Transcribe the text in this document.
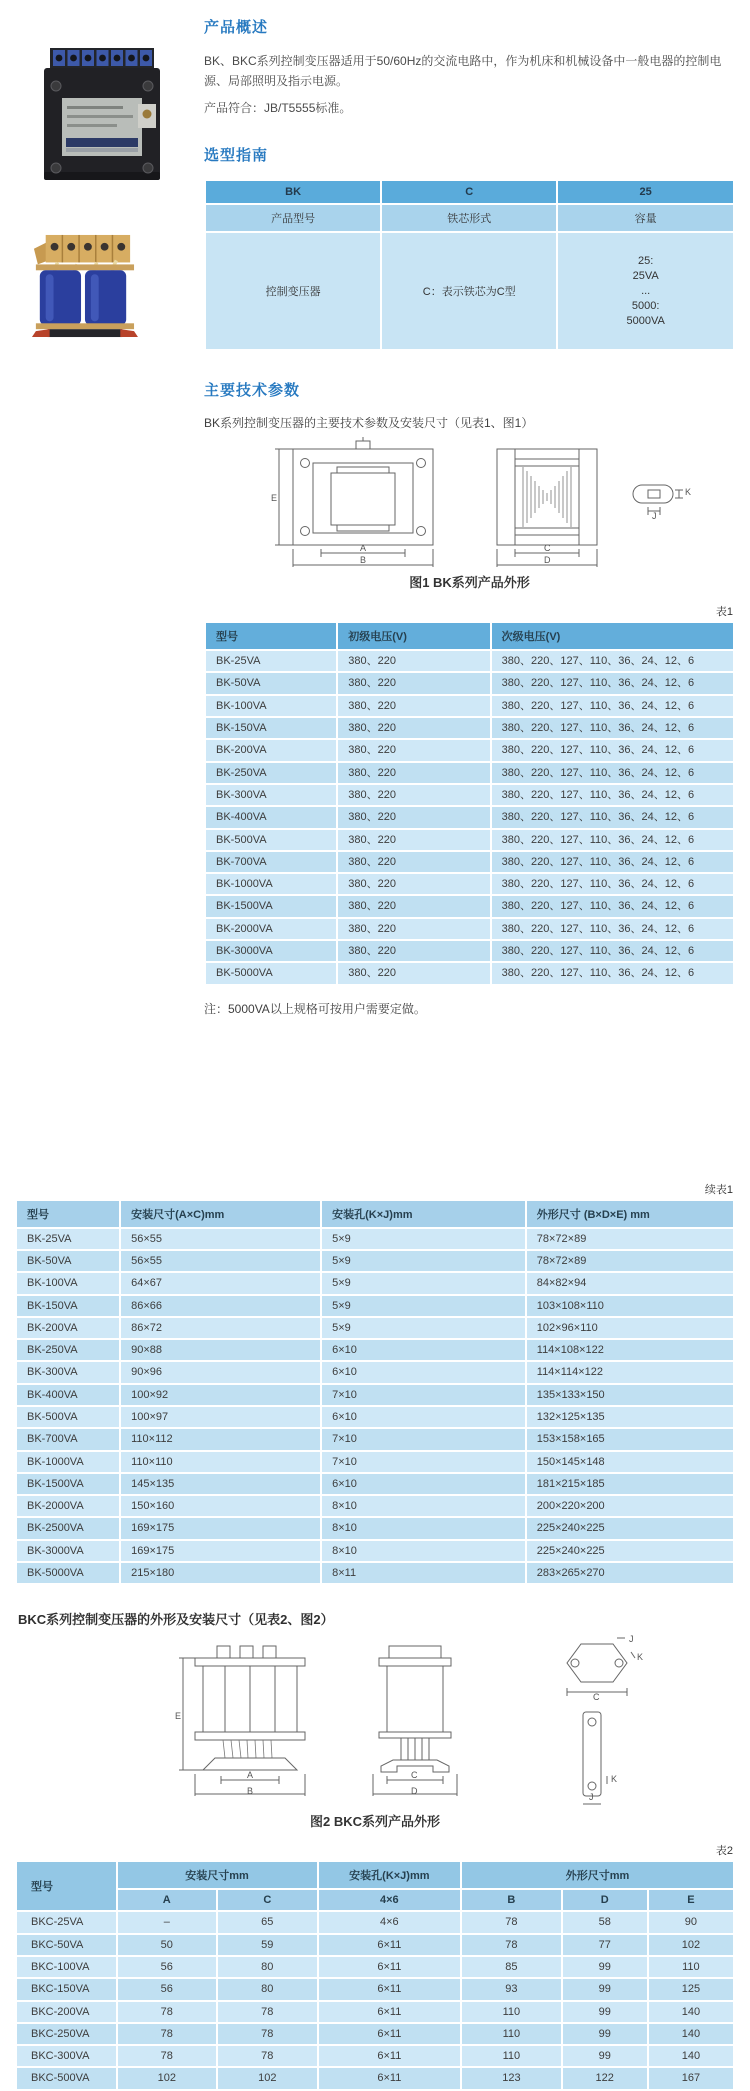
产品概述

BK、BKC系列控制变压器适用于50/60Hz的交流电路中，作为机床和机械设备中一般电器的控制电源、局部照明及指示电源。

产品符合：JB/T5555标准。

选型指南
BK	C	25
产品型号	铁芯形式	容量
控制变压器	C：表示铁芯为C型	25:
25VA
...
5000:
5000VA
主要技术参数

BK系列控制变压器的主要技术参数及安装尺寸（见表1、图1）

E
A
B
C
D
K
J
图1 BK系列产品外形
表1
型号	初级电压(V)	次级电压(V)
BK-25VA	380、220	380、220、127、110、36、24、12、6
BK-50VA	380、220	380、220、127、110、36、24、12、6
BK-100VA	380、220	380、220、127、110、36、24、12、6
BK-150VA	380、220	380、220、127、110、36、24、12、6
BK-200VA	380、220	380、220、127、110、36、24、12、6
BK-250VA	380、220	380、220、127、110、36、24、12、6
BK-300VA	380、220	380、220、127、110、36、24、12、6
BK-400VA	380、220	380、220、127、110、36、24、12、6
BK-500VA	380、220	380、220、127、110、36、24、12、6
BK-700VA	380、220	380、220、127、110、36、24、12、6
BK-1000VA	380、220	380、220、127、110、36、24、12、6
BK-1500VA	380、220	380、220、127、110、36、24、12、6
BK-2000VA	380、220	380、220、127、110、36、24、12、6
BK-3000VA	380、220	380、220、127、110、36、24、12、6
BK-5000VA	380、220	380、220、127、110、36、24、12、6

注：5000VA以上规格可按用户需要定做。

续表1
型号	安装尺寸(A×C)mm	安装孔(K×J)mm	外形尺寸 (B×D×E) mm
BK-25VA	56×55	5×9	78×72×89
BK-50VA	56×55	5×9	78×72×89
BK-100VA	64×67	5×9	84×82×94
BK-150VA	86×66	5×9	103×108×110
BK-200VA	86×72	5×9	102×96×110
BK-250VA	90×88	6×10	114×108×122
BK-300VA	90×96	6×10	114×114×122
BK-400VA	100×92	7×10	135×133×150
BK-500VA	100×97	6×10	132×125×135
BK-700VA	110×112	7×10	153×158×165
BK-1000VA	110×110	7×10	150×145×148
BK-1500VA	145×135	6×10	181×215×185
BK-2000VA	150×160	8×10	200×220×200
BK-2500VA	169×175	8×10	225×240×225
BK-3000VA	169×175	8×10	225×240×225
BK-5000VA	215×180	8×11	283×265×270

BKC系列控制变压器的外形及安装尺寸（见表2、图2）

E
A
B
C
D
C
J
K
K
J
图2 BKC系列产品外形
表2
型号	安装尺寸mm		安装孔(K×J)mm	外形尺寸mm		
	A	C	4×6	B	D	E
BKC-25VA	–	65	4×6	78	58	90
BKC-50VA	50	59	6×11	78	77	102
BKC-100VA	56	80	6×11	85	99	110
BKC-150VA	56	80	6×11	93	99	125
BKC-200VA	78	78	6×11	110	99	140
BKC-250VA	78	78	6×11	110	99	140
BKC-300VA	78	78	6×11	110	99	140
BKC-500VA	102	102	6×11	123	122	167
